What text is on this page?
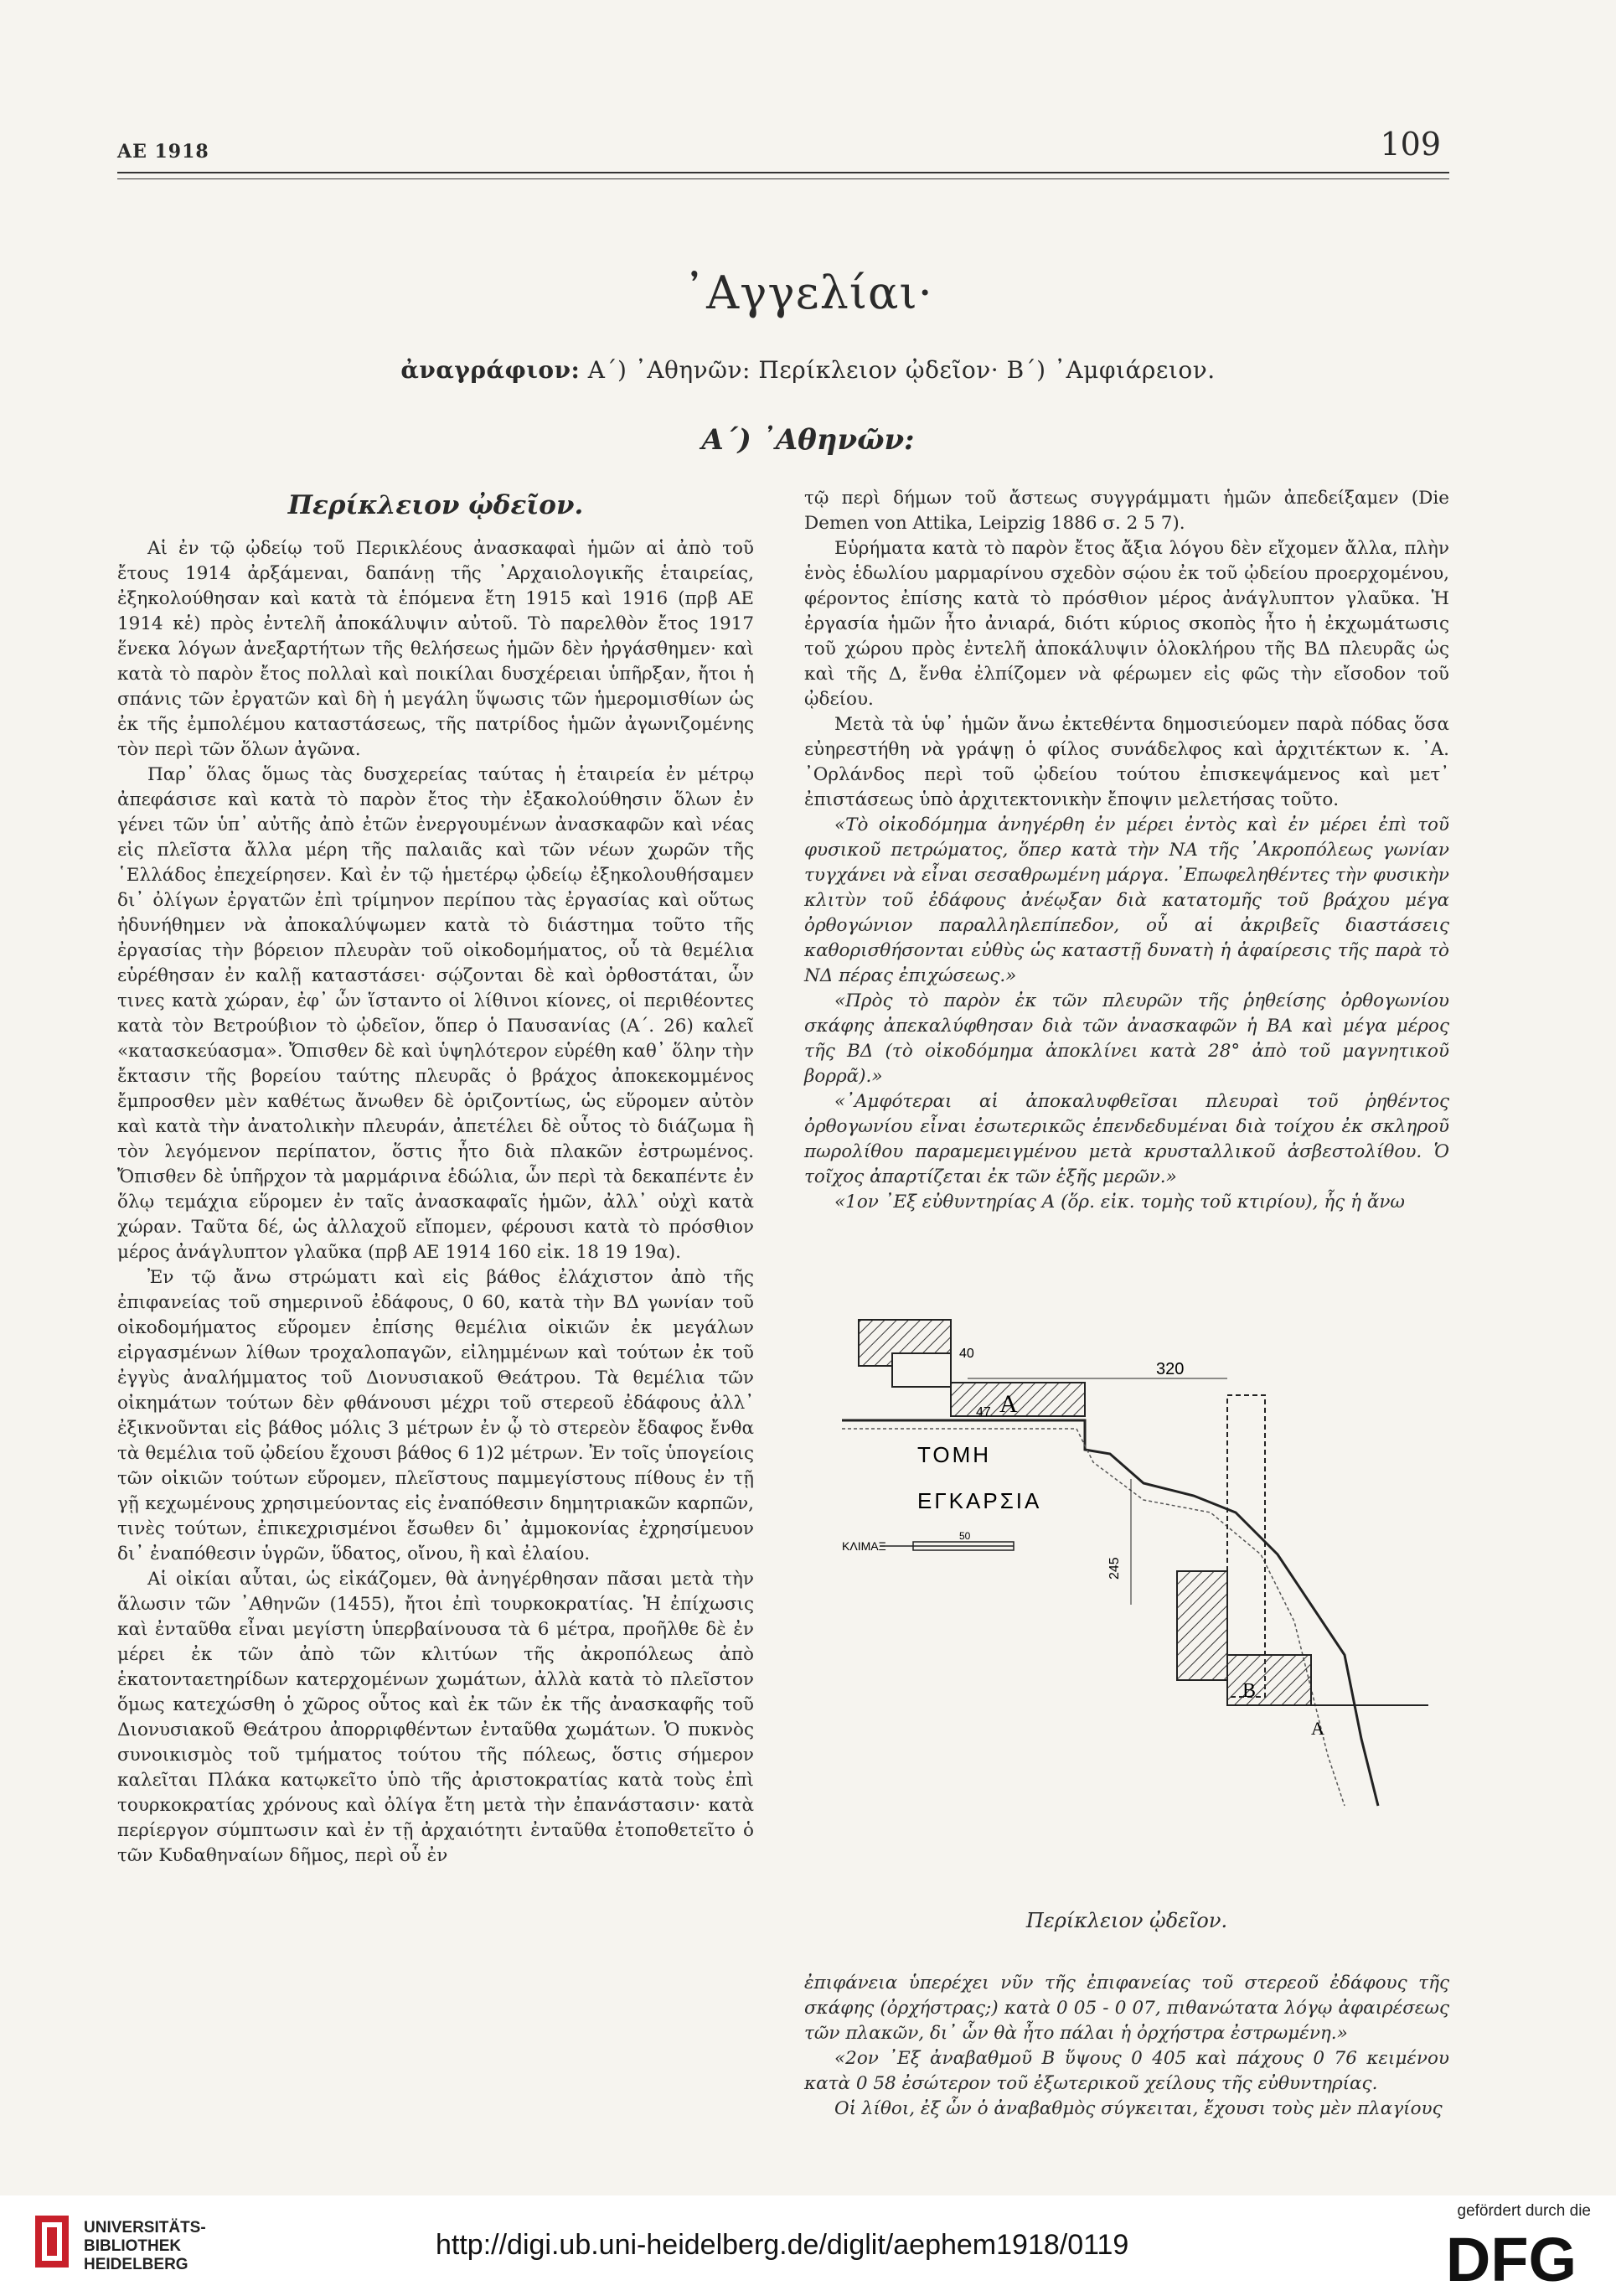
ΑΕ 1918	109
᾿Αγγελίαι·
ἀναγράφιον: Α΄) ᾿Αθηνῶν: Περίκλειον ᾠδεῖον· Β΄) ᾿Αμφιάρειον.
Α΄) ᾿Αθηνῶν:
Περίκλειον ᾠδεῖον.

Αἱ ἐν τῷ ᾠδείῳ τοῦ Περικλέους ἀνασκαφαὶ ἡμῶν αἱ ἀπὸ τοῦ ἔτους 1914 ἀρξάμεναι, δαπάνῃ τῆς ᾿Αρχαιολογικῆς ἑταιρείας, ἐξηκολούθησαν καὶ κατὰ τὰ ἑπόμενα ἔτη 1915 καὶ 1916 (πρβ ΑΕ 1914 κἑ) πρὸς ἐντελῆ ἀποκάλυψιν αὐτοῦ. Τὸ παρελθὸν ἔτος 1917 ἕνεκα λόγων ἀνεξαρτήτων τῆς θελήσεως ἡμῶν δὲν ἠργάσθημεν· καὶ κατὰ τὸ παρὸν ἔτος πολλαὶ καὶ ποικίλαι δυσχέρειαι ὑπῆρξαν, ἤτοι ἡ σπάνις τῶν ἐργατῶν καὶ δὴ ἡ μεγάλη ὕψωσις τῶν ἡμερομισθίων ὡς ἐκ τῆς ἐμπολέμου καταστάσεως, τῆς πατρίδος ἡμῶν ἀγωνιζομένης τὸν περὶ τῶν ὅλων ἀγῶνα.

Παρ᾿ ὅλας ὅμως τὰς δυσχερείας ταύτας ἡ ἑταιρεία ἐν μέτρῳ ἀπεφάσισε καὶ κατὰ τὸ παρὸν ἔτος τὴν ἐξακολούθησιν ὅλων ἐν γένει τῶν ὑπ᾿ αὐτῆς ἀπὸ ἐτῶν ἐνεργουμένων ἀνασκαφῶν καὶ νέας εἰς πλεῖστα ἄλλα μέρη τῆς παλαιᾶς καὶ τῶν νέων χωρῶν τῆς ῾Ελλάδος ἐπεχείρησεν. Καὶ ἐν τῷ ἡμετέρῳ ᾠδείῳ ἐξηκολουθήσαμεν δι᾿ ὀλίγων ἐργατῶν ἐπὶ τρίμηνον περίπου τὰς ἐργασίας καὶ οὕτως ἠδυνήθημεν νὰ ἀποκαλύψωμεν κατὰ τὸ διάστημα τοῦτο τῆς ἐργασίας τὴν βόρειον πλευρὰν τοῦ οἰκοδομήματος, οὗ τὰ θεμέλια εὑρέθησαν ἐν καλῇ καταστάσει· σῴζονται δὲ καὶ ὀρθοστάται, ὧν τινες κατὰ χώραν, ἐφ᾿ ὧν ἵσταντο οἱ λίθινοι κίονες, οἱ περιθέοντες κατὰ τὸν Βετρούβιον τὸ ᾠδεῖον, ὅπερ ὁ Παυσανίας (Α΄. 26) καλεῖ «κατασκεύασμα». Ὄπισθεν δὲ καὶ ὑψηλότερον εὑρέθη καθ᾿ ὅλην τὴν ἔκτασιν τῆς βορείου ταύτης πλευρᾶς ὁ βράχος ἀποκεκομμένος ἔμπροσθεν μὲν καθέτως ἄνωθεν δὲ ὁριζοντίως, ὡς εὕρομεν αὐτὸν καὶ κατὰ τὴν ἀνατολικὴν πλευράν, ἀπετέλει δὲ οὗτος τὸ διάζωμα ἢ τὸν λεγόμενον περίπατον, ὅστις ἦτο διὰ πλακῶν ἐστρωμένος. Ὄπισθεν δὲ ὑπῆρχον τὰ μαρμάρινα ἑδώλια, ὧν περὶ τὰ δεκαπέντε ἐν ὅλῳ τεμάχια εὕρομεν ἐν ταῖς ἀνασκαφαῖς ἡμῶν, ἀλλ᾿ οὐχὶ κατὰ χώραν. Ταῦτα δέ, ὡς ἀλλαχοῦ εἴπομεν, φέρουσι κατὰ τὸ πρόσθιον μέρος ἀνάγλυπτον γλαῦκα (πρβ ΑΕ 1914 160 εἰκ. 18 19 19α).

Ἐν τῷ ἄνω στρώματι καὶ εἰς βάθος ἐλάχιστον ἀπὸ τῆς ἐπιφανείας τοῦ σημερινοῦ ἐδάφους, 0 60, κατὰ τὴν ΒΔ γωνίαν τοῦ οἰκοδομήματος εὕρομεν ἐπίσης θεμέλια οἰκιῶν ἐκ μεγάλων εἰργασμένων λίθων τροχαλοπαγῶν, εἰλημμένων καὶ τούτων ἐκ τοῦ ἐγγὺς ἀναλήμματος τοῦ Διονυσιακοῦ Θεάτρου. Τὰ θεμέλια τῶν οἰκημάτων τούτων δὲν φθάνουσι μέχρι τοῦ στερεοῦ ἐδάφους ἀλλ᾿ ἐξικνοῦνται εἰς βάθος μόλις 3 μέτρων ἐν ᾧ τὸ στερεὸν ἔδαφος ἔνθα τὰ θεμέλια τοῦ ᾠδείου ἔχουσι βάθος 6 1)2 μέτρων. Ἐν τοῖς ὑπογείοις τῶν οἰκιῶν τούτων εὕρομεν, πλεῖστους παμμεγίστους πίθους ἐν τῇ γῇ κεχωμένους χρησιμεύοντας εἰς ἐναπόθεσιν δημητριακῶν καρπῶν, τινὲς τούτων, ἐπικεχρισμένοι ἔσωθεν δι᾿ ἀμμοκονίας ἐχρησίμευον δι᾿ ἐναπόθεσιν ὑγρῶν, ὕδατος, οἴνου, ἢ καὶ ἐλαίου.

Αἱ οἰκίαι αὗται, ὡς εἰκάζομεν, θὰ ἀνηγέρθησαν πᾶσαι μετὰ τὴν ἅλωσιν τῶν ᾿Αθηνῶν (1455), ἤτοι ἐπὶ τουρκοκρατίας. Ἡ ἐπίχωσις καὶ ἐνταῦθα εἶναι μεγίστη ὑπερβαίνουσα τὰ 6 μέτρα, προῆλθε δὲ ἐν μέρει ἐκ τῶν ἀπὸ τῶν κλιτύων τῆς ἀκροπόλεως ἀπὸ ἑκατονταετηρίδων κατερχομένων χωμάτων, ἀλλὰ κατὰ τὸ πλεῖστον ὅμως κατεχώσθη ὁ χῶρος οὗτος καὶ ἐκ τῶν ἐκ τῆς ἀνασκαφῆς τοῦ Διονυσιακοῦ Θεάτρου ἀπορριφθέντων ἐνταῦθα χωμάτων. Ὁ πυκνὸς συνοικισμὸς τοῦ τμήματος τούτου τῆς πόλεως, ὅστις σήμερον καλεῖται Πλάκα κατῳκεῖτο ὑπὸ τῆς ἀριστοκρατίας κατὰ τοὺς ἐπὶ τουρκοκρατίας χρόνους καὶ ὀλίγα ἔτη μετὰ τὴν ἐπανάστασιν· κατὰ περίεργον σύμπτωσιν καὶ ἐν τῇ ἀρχαιότητι ἐνταῦθα ἐτοποθετεῖτο ὁ τῶν Κυδαθηναίων δῆμος, περὶ οὗ ἐν

τῷ περὶ δήμων τοῦ ἄστεως συγγράμματι ἡμῶν ἀπεδείξαμεν (Die Demen von Attika, Leipzig 1886 σ. 2 5 7).

Εὑρήματα κατὰ τὸ παρὸν ἔτος ἄξια λόγου δὲν εἴχομεν ἄλλα, πλὴν ἑνὸς ἑδωλίου μαρμαρίνου σχεδὸν σῴου ἐκ τοῦ ᾠδείου προερχομένου, φέροντος ἐπίσης κατὰ τὸ πρόσθιον μέρος ἀνάγλυπτον γλαῦκα. Ἡ ἐργασία ἡμῶν ἦτο ἀνιαρά, διότι κύριος σκοπὸς ἦτο ἡ ἐκχωμάτωσις τοῦ χώρου πρὸς ἐντελῆ ἀποκάλυψιν ὁλοκλήρου τῆς ΒΔ πλευρᾶς ὡς καὶ τῆς Δ, ἔνθα ἐλπίζομεν νὰ φέρωμεν εἰς φῶς τὴν εἴσοδον τοῦ ᾠδείου.

Μετὰ τὰ ὑφ᾿ ἡμῶν ἄνω ἐκτεθέντα δημοσιεύομεν παρὰ πόδας ὅσα εὐηρεστήθη νὰ γράψῃ ὁ φίλος συνάδελφος καὶ ἀρχιτέκτων κ. ᾿Α. ᾿Ορλάνδος περὶ τοῦ ᾠδείου τούτου ἐπισκεψάμενος καὶ μετ᾿ ἐπιστάσεως ὑπὸ ἀρχιτεκτονικὴν ἔποψιν μελετήσας τοῦτο.

«Τὸ οἰκοδόμημα ἀνηγέρθη ἐν μέρει ἐντὸς καὶ ἐν μέρει ἐπὶ τοῦ φυσικοῦ πετρώματος, ὅπερ κατὰ τὴν ΝΑ τῆς ᾿Ακροπόλεως γωνίαν τυγχάνει νὰ εἶναι σεσαθρωμένη μάργα. ᾿Επωφεληθέντες τὴν φυσικὴν κλιτὺν τοῦ ἐδάφους ἀνέῳξαν διὰ κατατομῆς τοῦ βράχου μέγα ὀρθογώνιον παραλληλεπίπεδον, οὗ αἱ ἀκριβεῖς διαστάσεις καθορισθήσονται εὐθὺς ὡς καταστῇ δυνατὴ ἡ ἀφαίρεσις τῆς παρὰ τὸ ΝΔ πέρας ἐπιχώσεως.»

«Πρὸς τὸ παρὸν ἐκ τῶν πλευρῶν τῆς ῥηθείσης ὀρθογωνίου σκάφης ἀπεκαλύφθησαν διὰ τῶν ἀνασκαφῶν ἡ ΒΑ καὶ μέγα μέρος τῆς ΒΔ (τὸ οἰκοδόμημα ἀποκλίνει κατὰ 28° ἀπὸ τοῦ μαγνητικοῦ βορρᾶ).»

«᾿Αμφότεραι αἱ ἀποκαλυφθεῖσαι πλευραὶ τοῦ ῥηθέντος ὀρθογωνίου εἶναι ἐσωτερικῶς ἐπενδεδυμέναι διὰ τοίχου ἐκ σκληροῦ πωρολίθου παραμεμειγμένου μετὰ κρυσταλλικοῦ ἀσβεστολίθου. Ὁ τοῖχος ἀπαρτίζεται ἐκ τῶν ἑξῆς μερῶν.»

«1ον ᾿Εξ εὐθυντηρίας Α (ὅρ. εἰκ. τομὴς τοῦ κτιρίου), ἧς ἡ ἄνω

320
47
40
Α
245
ΤΟΜΗ
ΕΓΚΑΡΣΙΑ
ΚΛΙΜΑΞ
50
Β
Α
Περίκλειον ᾠδεῖον.

ἐπιφάνεια ὑπερέχει νῦν τῆς ἐπιφανείας τοῦ στερεοῦ ἐδάφους τῆς σκάφης (ὀρχήστρας;) κατὰ 0 05 - 0 07, πιθανώτατα λόγῳ ἀφαιρέσεως τῶν πλακῶν, δι᾿ ὧν θὰ ἦτο πάλαι ἡ ὀρχήστρα ἐστρωμένη.»

«2ον ᾿Εξ ἀναβαθμοῦ Β ὕψους 0 405 καὶ πάχους 0 76 κειμένου κατὰ 0 58 ἐσώτερον τοῦ ἐξωτερικοῦ χείλους τῆς εὐθυντηρίας.

Οἱ λίθοι, ἐξ ὧν ὁ ἀναβαθμὸς σύγκειται, ἔχουσι τοὺς μὲν πλαγίους

UNIVERSITÄTS-
BIBLIOTHEK
HEIDELBERG
http://digi.ub.uni-heidelberg.de/diglit/aephem1918/0119
gefördert durch die
DFG
